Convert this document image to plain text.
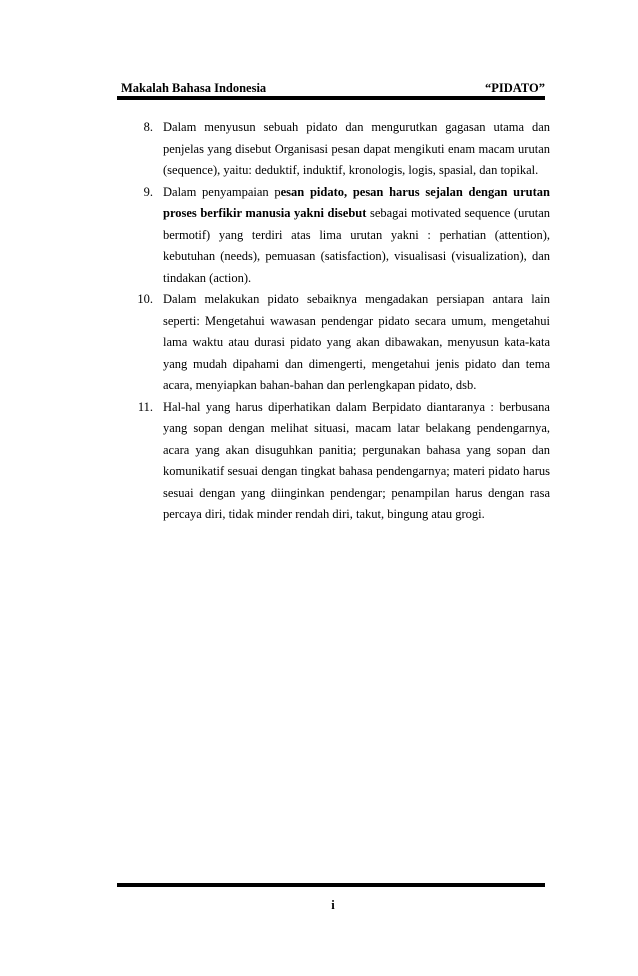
Makalah Bahasa Indonesia	“PIDATO”
8. Dalam menyusun sebuah pidato dan mengurutkan gagasan utama dan penjelas yang disebut Organisasi pesan dapat mengikuti enam macam urutan (sequence), yaitu: deduktif, induktif, kronologis, logis, spasial, dan topikal.

9. Dalam penyampaian pesan pidato, pesan harus sejalan dengan urutan proses berfikir manusia yakni disebut sebagai motivated sequence (urutan bermotif) yang terdiri atas lima urutan yakni : perhatian (attention), kebutuhan (needs), pemuasan (satisfaction), visualisasi (visualization), dan tindakan (action).

10. Dalam melakukan pidato sebaiknya mengadakan persiapan antara lain seperti: Mengetahui wawasan pendengar pidato secara umum, mengetahui lama waktu atau durasi pidato yang akan dibawakan, menyusun kata-kata yang mudah dipahami dan dimengerti, mengetahui jenis pidato dan tema acara, menyiapkan bahan-bahan dan perlengkapan pidato, dsb.

11. Hal-hal yang harus diperhatikan dalam Berpidato diantaranya : berbusana yang sopan dengan melihat situasi, macam latar belakang pendengarnya, acara yang akan disuguhkan panitia; pergunakan bahasa yang sopan dan komunikatif sesuai dengan tingkat bahasa pendengarnya; materi pidato harus sesuai dengan yang diinginkan pendengar; penampilan harus dengan rasa percaya diri, tidak minder rendah diri, takut, bingung atau grogi.

i
